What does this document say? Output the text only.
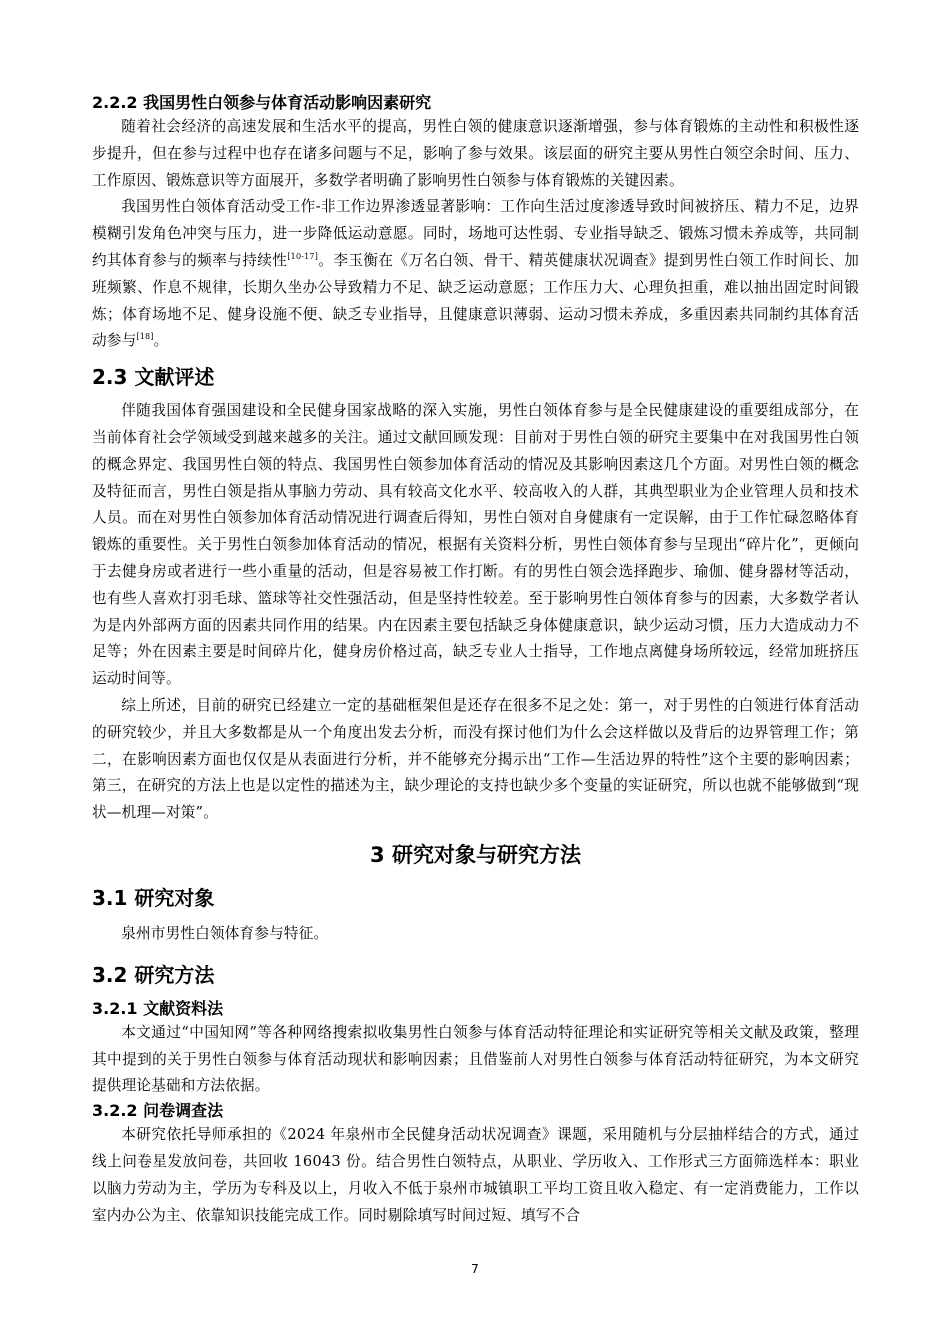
2.2.2 我国男性白领参与体育活动影响因素研究

随着社会经济的高速发展和生活水平的提高，男性白领的健康意识逐渐增强，参与体育锻炼的主动性和积极性逐步提升，但在参与过程中也存在诸多问题与不足，影响了参与效果。该层面的研究主要从男性白领空余时间、压力、工作原因、锻炼意识等方面展开，多数学者明确了影响男性白领参与体育锻炼的关键因素。

我国男性白领体育活动受工作-非工作边界渗透显著影响：工作向生活过度渗透导致时间被挤压、精力不足，边界模糊引发角色冲突与压力，进一步降低运动意愿。同时，场地可达性弱、专业指导缺乏、锻炼习惯未养成等，共同制约其体育参与的频率与持续性[10-17]。李玉衡在《万名白领、骨干、精英健康状况调查》提到男性白领工作时间长、加班频繁、作息不规律，长期久坐办公导致精力不足、缺乏运动意愿；工作压力大、心理负担重，难以抽出固定时间锻炼；体育场地不足、健身设施不便、缺乏专业指导，且健康意识薄弱、运动习惯未养成，多重因素共同制约其体育活动参与[18]。

2.3 文献评述

伴随我国体育强国建设和全民健身国家战略的深入实施，男性白领体育参与是全民健康建设的重要组成部分，在当前体育社会学领域受到越来越多的关注。通过文献回顾发现：目前对于男性白领的研究主要集中在对我国男性白领的概念界定、我国男性白领的特点、我国男性白领参加体育活动的情况及其影响因素这几个方面。对男性白领的概念及特征而言，男性白领是指从事脑力劳动、具有较高文化水平、较高收入的人群，其典型职业为企业管理人员和技术人员。而在对男性白领参加体育活动情况进行调查后得知，男性白领对自身健康有一定误解，由于工作忙碌忽略体育锻炼的重要性。关于男性白领参加体育活动的情况，根据有关资料分析，男性白领体育参与呈现出“碎片化”，更倾向于去健身房或者进行一些小重量的活动，但是容易被工作打断。有的男性白领会选择跑步、瑜伽、健身器材等活动，也有些人喜欢打羽毛球、篮球等社交性强活动，但是坚持性较差。至于影响男性白领体育参与的因素，大多数学者认为是内外部两方面的因素共同作用的结果。内在因素主要包括缺乏身体健康意识，缺少运动习惯，压力大造成动力不足等；外在因素主要是时间碎片化，健身房价格过高，缺乏专业人士指导，工作地点离健身场所较远，经常加班挤压运动时间等。

综上所述，目前的研究已经建立一定的基础框架但是还存在很多不足之处：第一，对于男性的白领进行体育活动的研究较少，并且大多数都是从一个角度出发去分析，而没有探讨他们为什么会这样做以及背后的边界管理工作；第二，在影响因素方面也仅仅是从表面进行分析，并不能够充分揭示出“工作—生活边界的特性”这个主要的影响因素；第三，在研究的方法上也是以定性的描述为主，缺少理论的支持也缺少多个变量的实证研究，所以也就不能够做到“现状—机理—对策”。

3 研究对象与研究方法
3.1 研究对象

泉州市男性白领体育参与特征。

3.2 研究方法
3.2.1 文献资料法

本文通过“中国知网”等各种网络搜索拟收集男性白领参与体育活动特征理论和实证研究等相关文献及政策，整理其中提到的关于男性白领参与体育活动现状和影响因素；且借鉴前人对男性白领参与体育活动特征研究，为本文研究提供理论基础和方法依据。

3.2.2 问卷调查法

本研究依托导师承担的《2024 年泉州市全民健身活动状况调查》课题，采用随机与分层抽样结合的方式，通过线上问卷星发放问卷，共回收 16043 份。结合男性白领特点，从职业、学历收入、工作形式三方面筛选样本：职业以脑力劳动为主，学历为专科及以上，月收入不低于泉州市城镇职工平均工资且收入稳定、有一定消费能力，工作以室内办公为主、依靠知识技能完成工作。同时剔除填写时间过短、填写不合

7
